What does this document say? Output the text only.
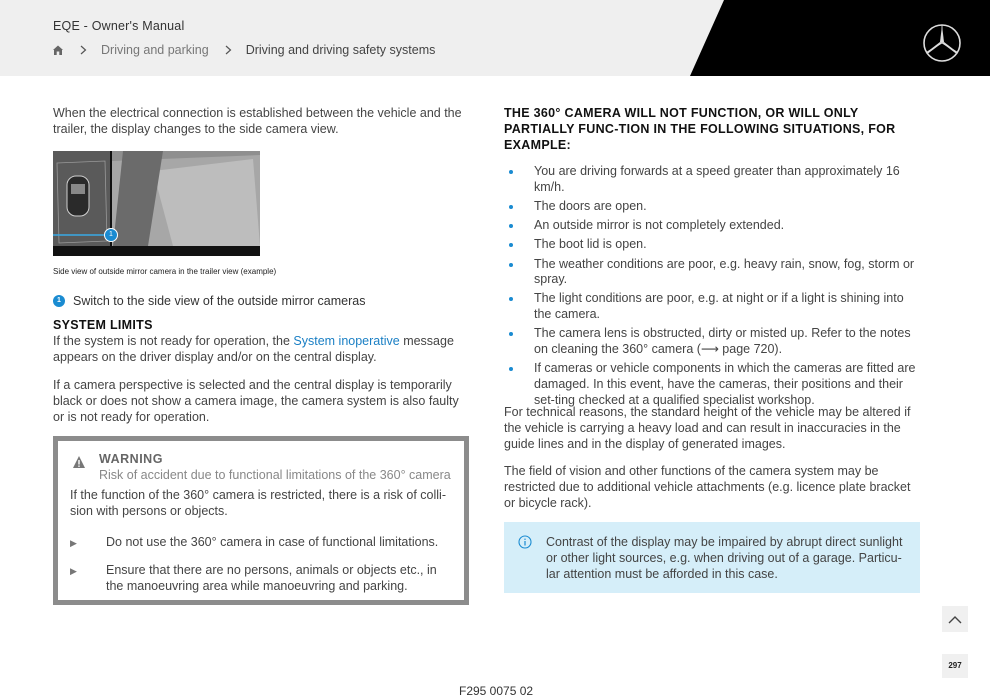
EQE - Owner's Manual
Driving and parking	Driving and driving safety systems

When the electrical connection is established between the vehicle and the trailer, the display changes to the side camera view.

1
Side view of outside mirror camera in the trailer view (example)
1 Switch to the side view of the outside mirror cameras
SYSTEM LIMITS

If the system is not ready for operation, the System inoperative message appears on the driver display and/or on the central display.

If a camera perspective is selected and the central display is temporarily black or does not show a camera image, the camera system is also faulty or is not ready for operation.

WARNING
Risk of accident due to functional limitations of the 360° camera
If the function of the 360° camera is restricted, there is a risk of colli-sion with persons or objects.
▶	Do not use the 360° camera in case of functional limitations.
▶	Ensure that there are no persons, animals or objects etc., in the manoeuvring area while manoeuvring and parking.
THE 360° CAMERA WILL NOT FUNCTION, OR WILL ONLY PARTIALLY FUNC-TION IN THE FOLLOWING SITUATIONS, FOR EXAMPLE:
You are driving forwards at a speed greater than approximately 16 km/h.
The doors are open.
An outside mirror is not completely extended.
The boot lid is open.
The weather conditions are poor, e.g. heavy rain, snow, fog, storm or spray.
The light conditions are poor, e.g. at night or if a light is shining into the camera.
The camera lens is obstructed, dirty or misted up. Refer to the notes on cleaning the 360° camera (⟶ page 720).
If cameras or vehicle components in which the cameras are fitted are damaged. In this event, have the cameras, their positions and their set-ting checked at a qualified specialist workshop.

For technical reasons, the standard height of the vehicle may be altered if the vehicle is carrying a heavy load and can result in inaccuracies in the guide lines and in the display of generated images.

The field of vision and other functions of the camera system may be restricted due to additional vehicle attachments (e.g. licence plate bracket or bicycle rack).

Contrast of the display may be impaired by abrupt direct sunlight or other light sources, e.g. when driving out of a garage. Particu-lar attention must be afforded in this case.
297
F295 0075 02
